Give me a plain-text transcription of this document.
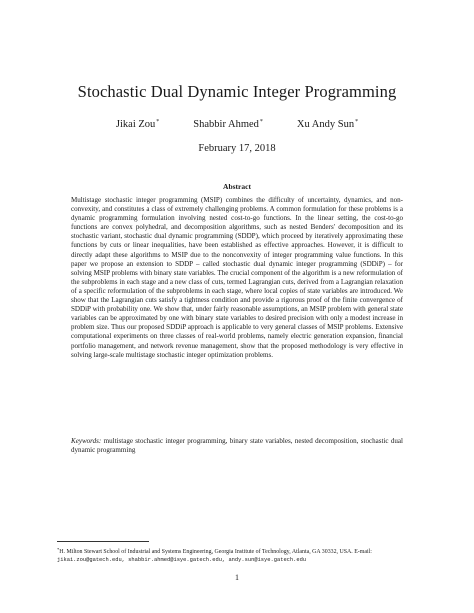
Stochastic Dual Dynamic Integer Programming
Jikai Zou*	Shabbir Ahmed*	Xu Andy Sun*
February 17, 2018
Abstract
Multistage stochastic integer programming (MSIP) combines the difficulty of uncertainty, dynamics, and non-convexity, and constitutes a class of extremely challenging problems. A common formulation for these problems is a dynamic programming formulation involving nested cost-to-go functions. In the linear setting, the cost-to-go functions are convex polyhedral, and decomposition algorithms, such as nested Benders' decomposition and its stochastic variant, stochastic dual dynamic programming (SDDP), which proceed by iteratively approximating these functions by cuts or linear inequalities, have been established as effective approaches. However, it is difficult to directly adapt these algorithms to MSIP due to the nonconvexity of integer programming value functions. In this paper we propose an extension to SDDP – called stochastic dual dynamic integer programming (SDDiP) – for solving MSIP problems with binary state variables. The crucial component of the algorithm is a new reformulation of the subproblems in each stage and a new class of cuts, termed Lagrangian cuts, derived from a Lagrangian relaxation of a specific reformulation of the subproblems in each stage, where local copies of state variables are introduced. We show that the Lagrangian cuts satisfy a tightness condition and provide a rigorous proof of the finite convergence of SDDiP with probability one. We show that, under fairly reasonable assumptions, an MSIP problem with general state variables can be approximated by one with binary state variables to desired precision with only a modest increase in problem size. Thus our proposed SDDiP approach is applicable to very general classes of MSIP problems. Extensive computational experiments on three classes of real-world problems, namely electric generation expansion, financial portfolio management, and network revenue management, show that the proposed methodology is very effective in solving large-scale multistage stochastic integer optimization problems.
Keywords: multistage stochastic integer programming, binary state variables, nested decomposition, stochastic dual dynamic programming
*H. Milton Stewart School of Industrial and Systems Engineering, Georgia Institute of Technology, Atlanta, GA 30332, USA. E-mail:
jikai.zou@gatech.edu, shabbir.ahmed@isye.gatech.edu, andy.sun@isye.gatech.edu
1
